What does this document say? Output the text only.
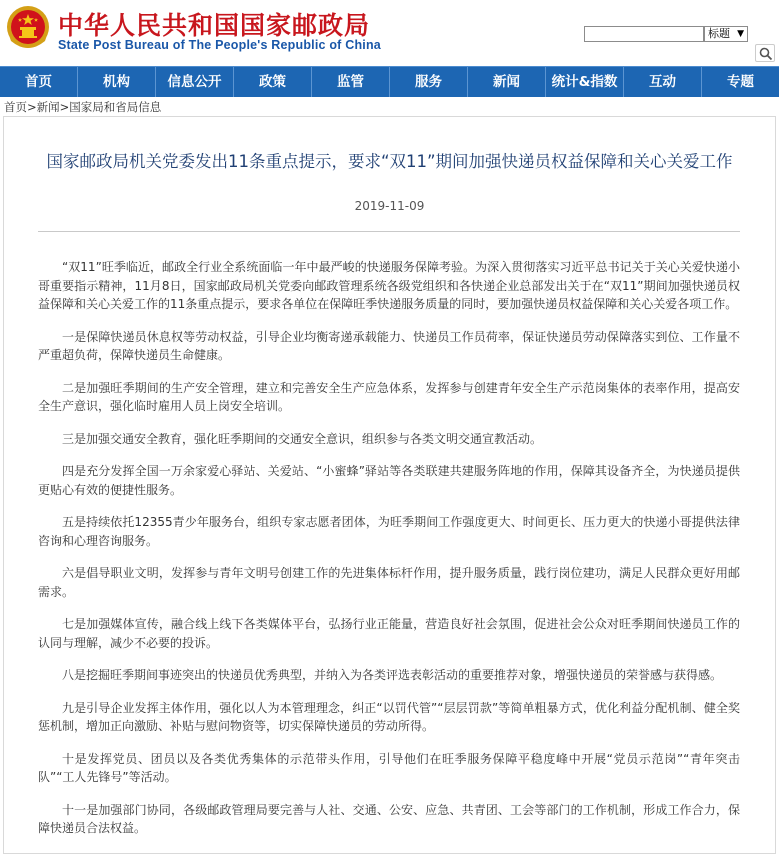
中华人民共和国国家邮政局
State Post Bureau of The People's Republic of China
标题 ▼
首页	机构	信息公开	政策	监管	服务	新闻	统计&指数	互动	专题
首页>新闻>国家局和省局信息
国家邮政局机关党委发出11条重点提示，要求“双11”期间加强快递员权益保障和关心关爱工作
2019-11-09

“双11”旺季临近，邮政全行业全系统面临一年中最严峻的快递服务保障考验。为深入贯彻落实习近平总书记关于关心关爱快递小哥重要指示精神，11月8日，国家邮政局机关党委向邮政管理系统各级党组织和各快递企业总部发出关于在“双11”期间加强快递员权益保障和关心关爱工作的11条重点提示，要求各单位在保障旺季快递服务质量的同时，要加强快递员权益保障和关心关爱各项工作。

一是保障快递员休息权等劳动权益，引导企业均衡寄递承载能力、快递员工作员荷率，保证快递员劳动保障落实到位、工作量不严重超负荷，保障快递员生命健康。

二是加强旺季期间的生产安全管理，建立和完善安全生产应急体系，发挥参与创建青年安全生产示范岗集体的表率作用，提高安全生产意识，强化临时雇用人员上岗安全培训。

三是加强交通安全教育，强化旺季期间的交通安全意识，组织参与各类文明交通宣教活动。

四是充分发挥全国一万余家爱心驿站、关爱站、“小蜜蜂”驿站等各类联建共建服务阵地的作用，保障其设备齐全，为快递员提供更贴心有效的便捷性服务。

五是持续依托12355青少年服务台，组织专家志愿者团体，为旺季期间工作强度更大、时间更长、压力更大的快递小哥提供法律咨询和心理咨询服务。

六是倡导职业文明，发挥参与青年文明号创建工作的先进集体标杆作用，提升服务质量，践行岗位建功，满足人民群众更好用邮需求。

七是加强媒体宣传，融合线上线下各类媒体平台，弘扬行业正能量，营造良好社会氛围，促进社会公众对旺季期间快递员工作的认同与理解，减少不必要的投诉。

八是挖掘旺季期间事迹突出的快递员优秀典型，并纳入为各类评选表彰活动的重要推荐对象，增强快递员的荣誉感与获得感。

九是引导企业发挥主体作用，强化以人为本管理理念，纠正“以罚代管”“层层罚款”等简单粗暴方式，优化利益分配机制、健全奖惩机制，增加正向激励、补贴与慰问物资等，切实保障快递员的劳动所得。

十是发挥党员、团员以及各类优秀集体的示范带头作用，引导他们在旺季服务保障平稳度峰中开展“党员示范岗”“青年突击队”“工人先锋号”等活动。

十一是加强部门协同，各级邮政管理局要完善与人社、交通、公安、应急、共青团、工会等部门的工作机制，形成工作合力，保障快递员合法权益。
